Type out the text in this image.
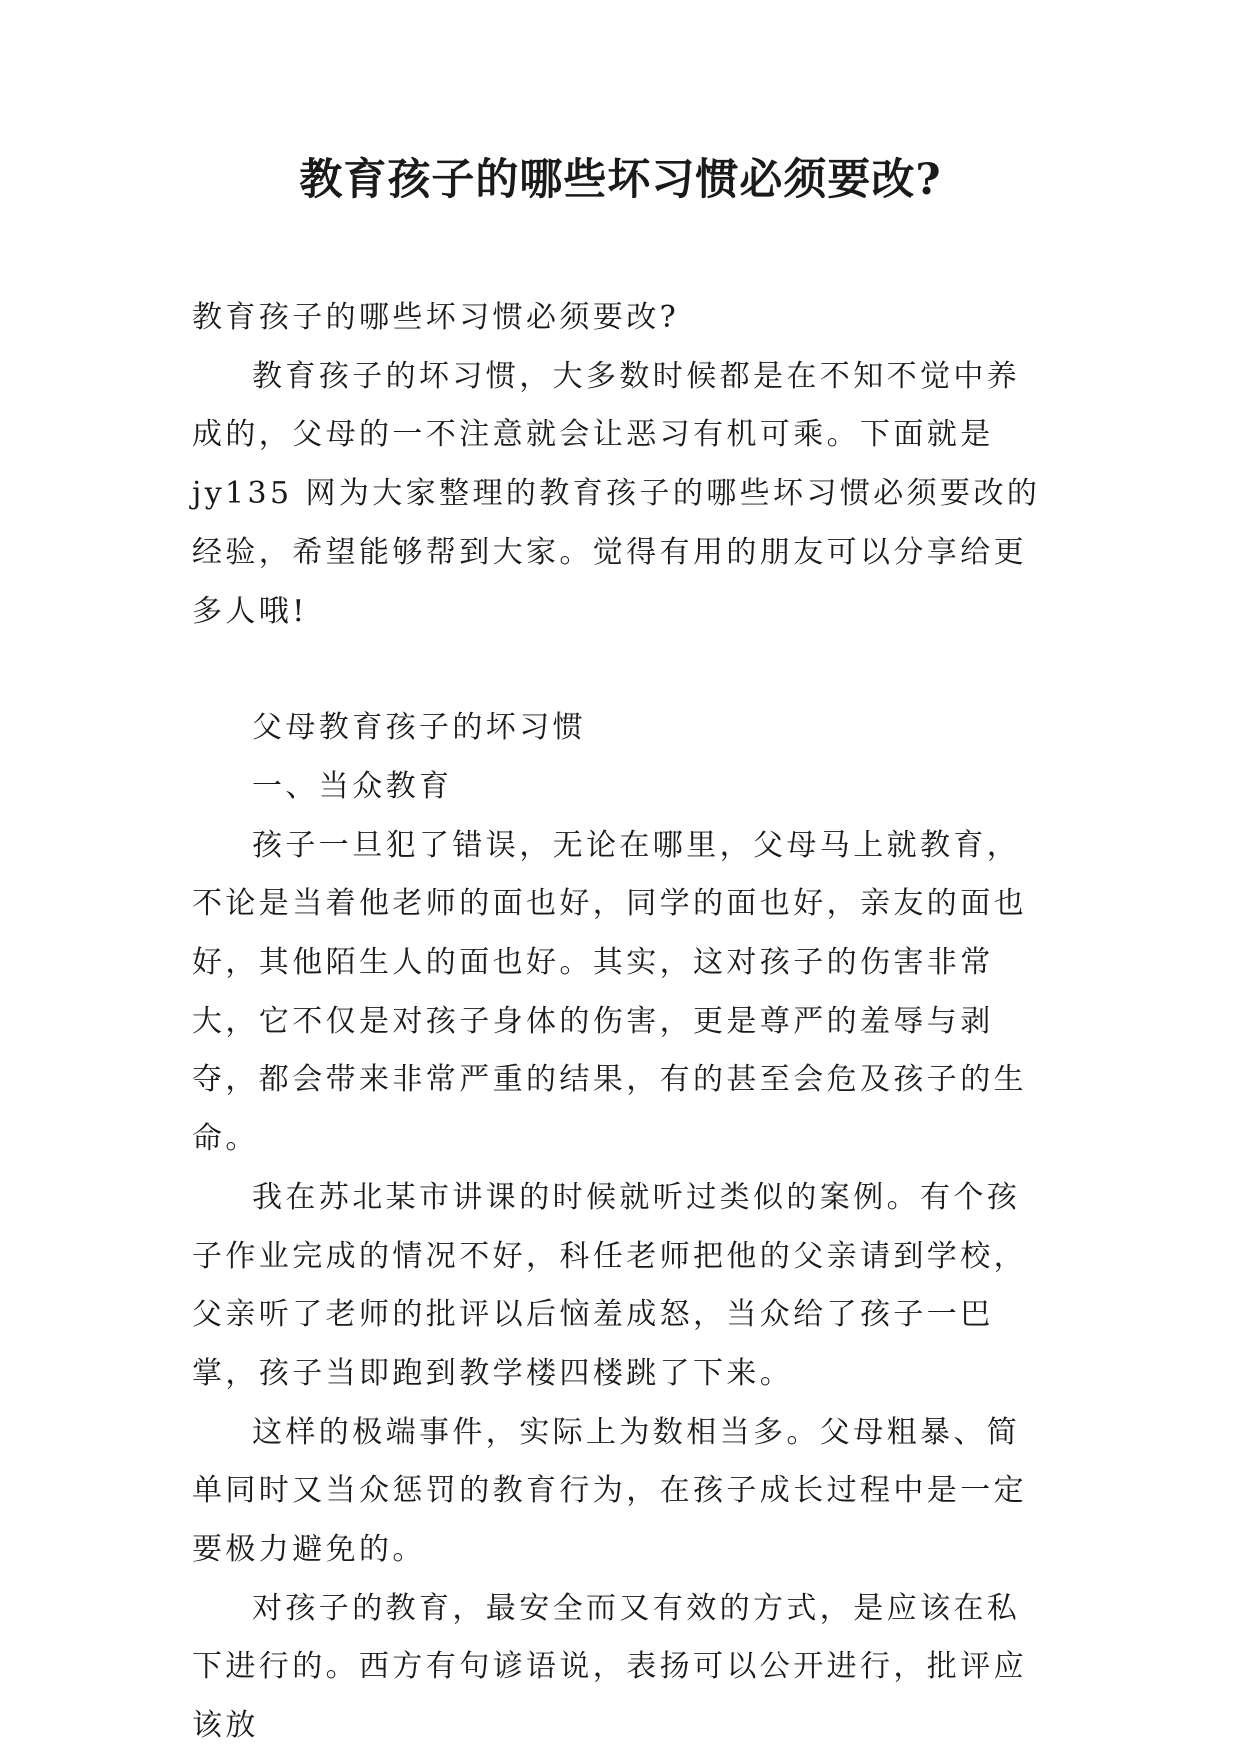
教育孩子的哪些坏习惯必须要改?

教育孩子的哪些坏习惯必须要改?

教育孩子的坏习惯，大多数时候都是在不知不觉中养成的，父母的一不注意就会让恶习有机可乘。下面就是 jy135 网为大家整理的教育孩子的哪些坏习惯必须要改的经验，希望能够帮到大家。觉得有用的朋友可以分享给更多人哦!

父母教育孩子的坏习惯

一、当众教育

孩子一旦犯了错误，无论在哪里，父母马上就教育，不论是当着他老师的面也好，同学的面也好，亲友的面也好，其他陌生人的面也好。其实，这对孩子的伤害非常大，它不仅是对孩子身体的伤害，更是尊严的羞辱与剥夺，都会带来非常严重的结果，有的甚至会危及孩子的生命。

我在苏北某市讲课的时候就听过类似的案例。有个孩子作业完成的情况不好，科任老师把他的父亲请到学校，父亲听了老师的批评以后恼羞成怒，当众给了孩子一巴掌，孩子当即跑到教学楼四楼跳了下来。

这样的极端事件，实际上为数相当多。父母粗暴、简单同时又当众惩罚的教育行为，在孩子成长过程中是一定要极力避免的。

对孩子的教育，最安全而又有效的方式，是应该在私下进行的。西方有句谚语说，表扬可以公开进行，批评应该放
